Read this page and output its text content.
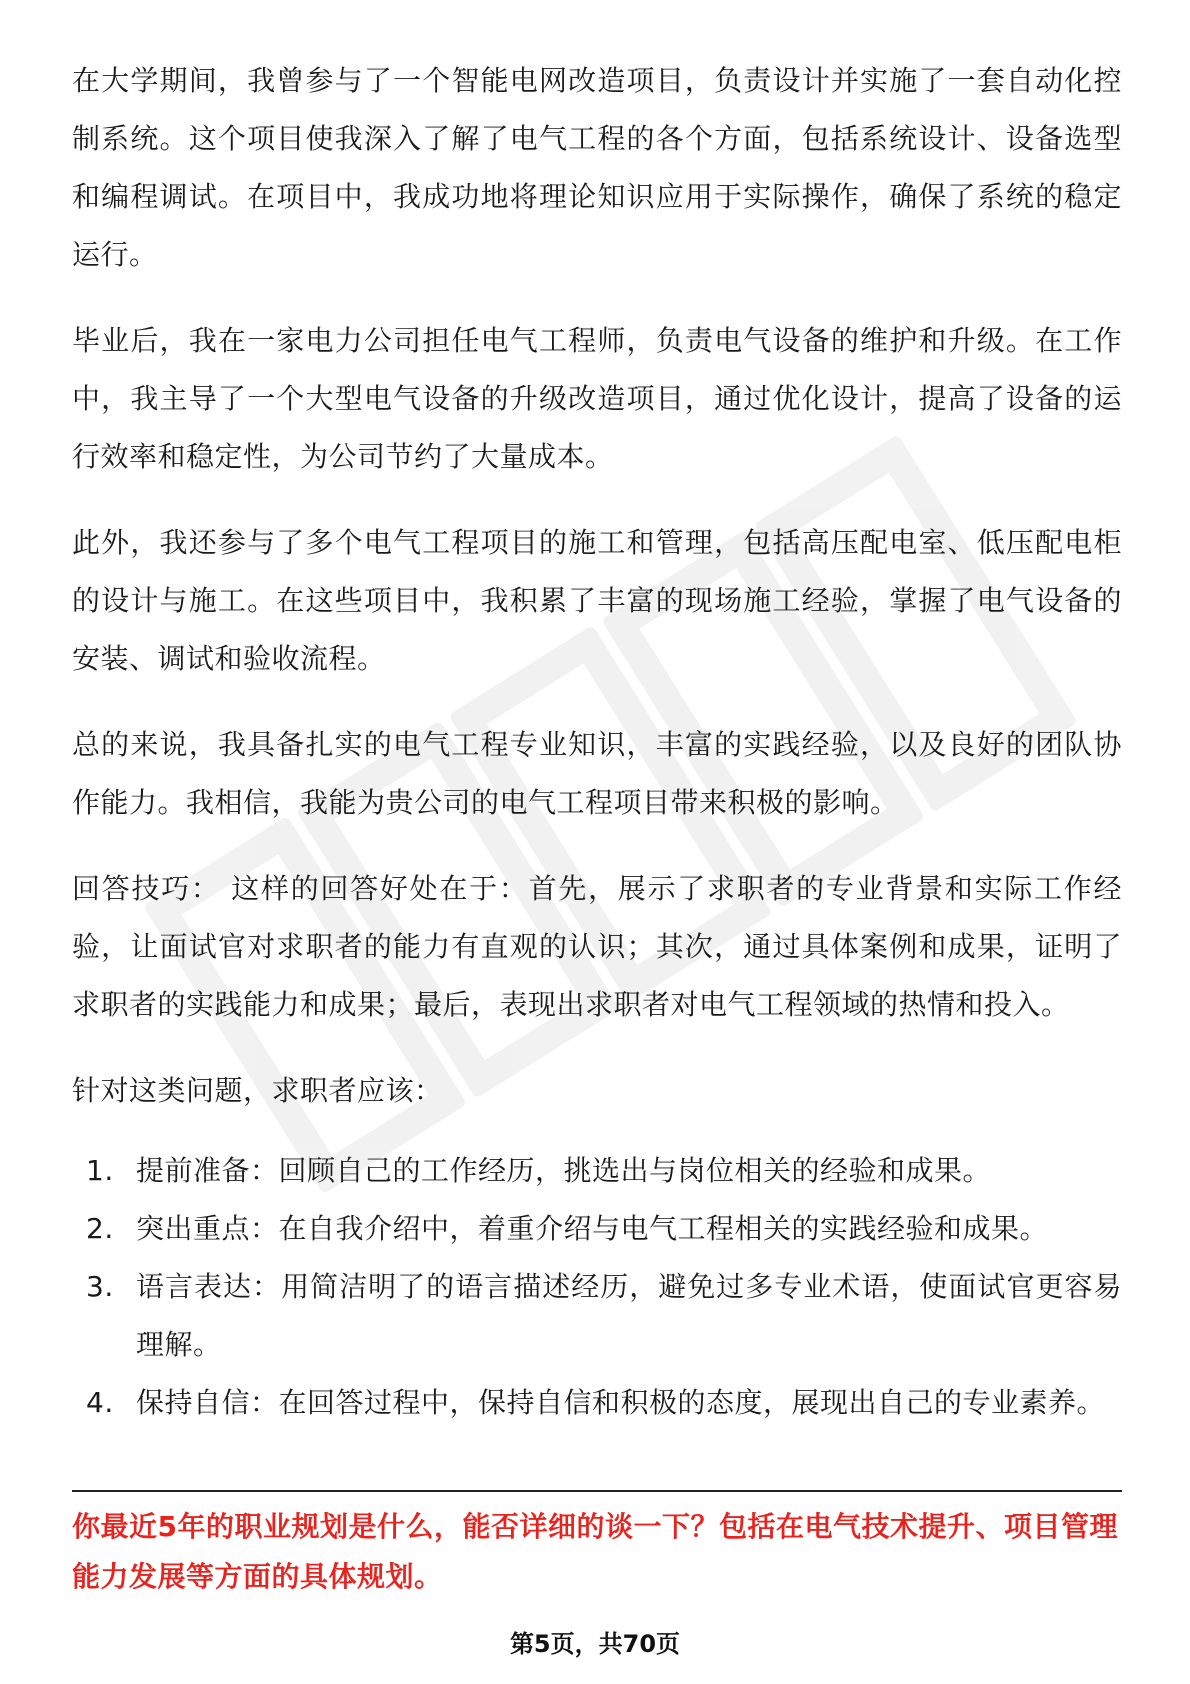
在大学期间，我曾参与了一个智能电网改造项目，负责设计并实施了一套自动化控制系统。这个项目使我深入了解了电气工程的各个方面，包括系统设计、设备选型和编程调试。在项目中，我成功地将理论知识应用于实际操作，确保了系统的稳定运行。

毕业后，我在一家电力公司担任电气工程师，负责电气设备的维护和升级。在工作中，我主导了一个大型电气设备的升级改造项目，通过优化设计，提高了设备的运行效率和稳定性，为公司节约了大量成本。

此外，我还参与了多个电气工程项目的施工和管理，包括高压配电室、低压配电柜的设计与施工。在这些项目中，我积累了丰富的现场施工经验，掌握了电气设备的安装、调试和验收流程。

总的来说，我具备扎实的电气工程专业知识，丰富的实践经验，以及良好的团队协作能力。我相信，我能为贵公司的电气工程项目带来积极的影响。

回答技巧： 这样的回答好处在于：首先，展示了求职者的专业背景和实际工作经验，让面试官对求职者的能力有直观的认识；其次，通过具体案例和成果，证明了求职者的实践能力和成果；最后，表现出求职者对电气工程领域的热情和投入。

针对这类问题，求职者应该：

1. 提前准备：回顾自己的工作经历，挑选出与岗位相关的经验和成果。
2. 突出重点：在自我介绍中，着重介绍与电气工程相关的实践经验和成果。
3. 语言表达：用简洁明了的语言描述经历，避免过多专业术语，使面试官更容易理解。
4. 保持自信：在回答过程中，保持自信和积极的态度，展现出自己的专业素养。

你最近5年的职业规划是什么，能否详细的谈一下？包括在电气技术提升、项目管理能力发展等方面的具体规划。

第5页，共70页
